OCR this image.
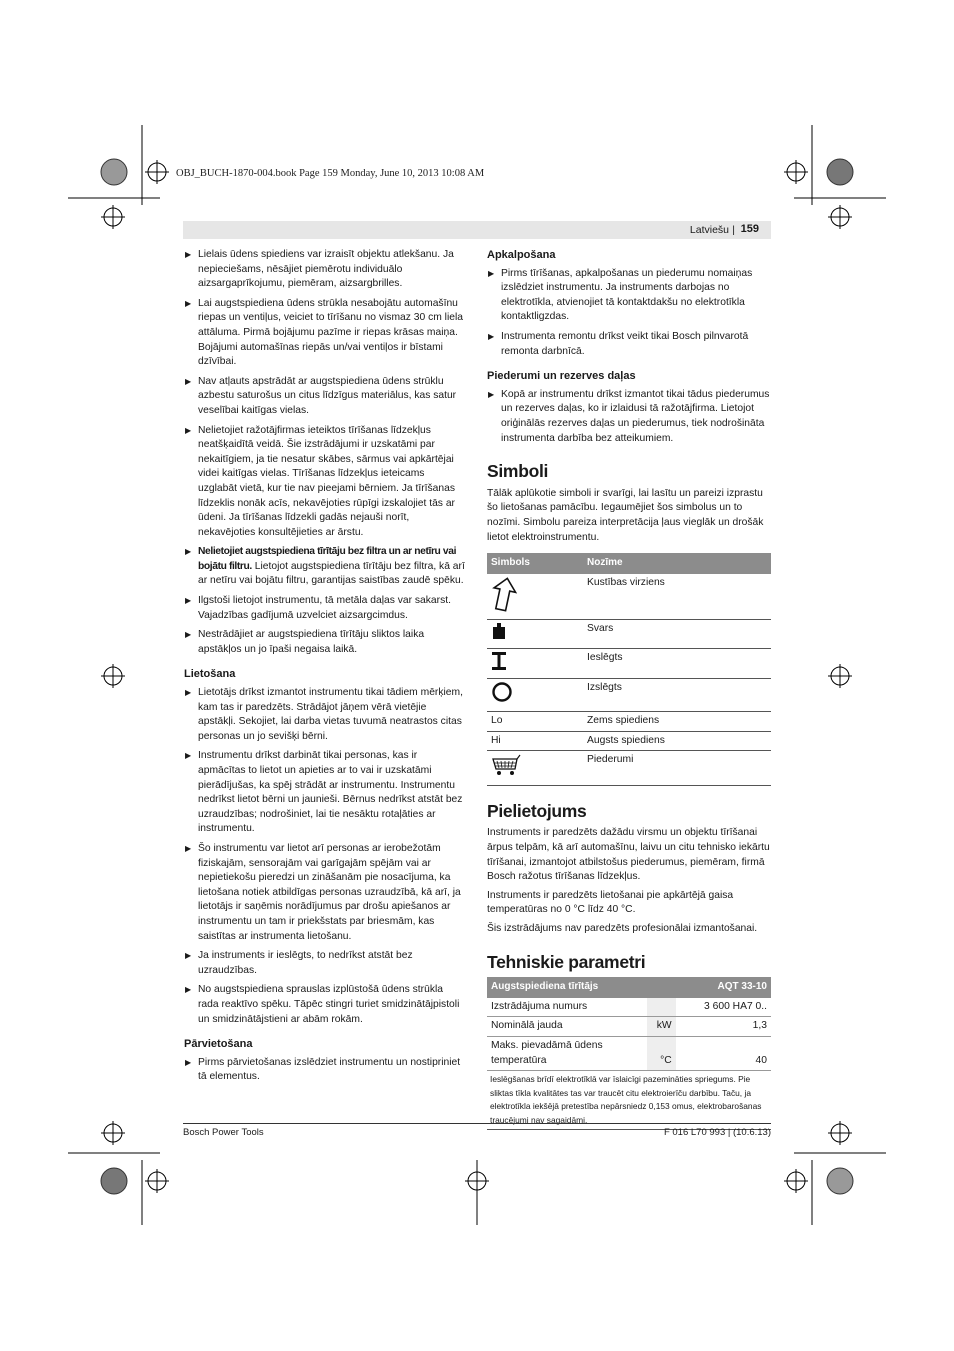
OBJ_BUCH-1870-004.book Page 159 Monday, June 10, 2013 10:08 AM
Latviešu | 159
▶ Lielais ūdens spiediens var izraisīt objektu atlekšanu. Ja nepieciešams, nēsājiet piemērotu individuālo aizsargaprīkojumu, piemēram, aizsargbrilles.
▶ Lai augstspiediena ūdens strūkla nesabojātu automašīnu riepas un ventiļus, veiciet to tīrīšanu no vismaz 30 cm liela attāluma. Pirmā bojājumu pazīme ir riepas krāsas maiņa. Bojājumi automašīnas riepās un/vai ventiļos ir bīstami dzīvībai.
▶ Nav atļauts apstrādāt ar augstspiediena ūdens strūklu azbestu saturošus un citus līdzīgus materiālus, kas satur veselībai kaitīgas vielas.
▶ Nelietojiet ražotājfirmas ieteiktos tīrīšanas līdzekļus neatšķaidītā veidā. Šie izstrādājumi ir uzskatāmi par nekaitīgiem, ja tie nesatur skābes, sārmus vai apkārtējai videi kaitīgas vielas. Tīrīšanas līdzekļus ieteicams uzglabāt vietā, kur tie nav pieejami bērniem. Ja tīrīšanas līdzeklis nonāk acīs, nekavējoties rūpīgi izskalojiet tās ar ūdeni. Ja tīrīšanas līdzekli gadās nejauši norīt, nekavējoties konsultējieties ar ārstu.
▶ Nelietojiet augstspiediena tīrītāju bez filtra un ar netīru vai bojātu filtru. Lietojot augstspiediena tīrītāju bez filtra, kā arī ar netīru vai bojātu filtru, garantijas saistības zaudē spēku.
▶ Ilgstoši lietojot instrumentu, tā metāla daļas var sakarst. Vajadzības gadījumā uzvelciet aizsargcimdus.
▶ Nestrādājiet ar augstspiediena tīrītāju sliktos laika apstākļos un jo īpaši negaisa laikā.
Lietošana
▶ Lietotājs drīkst izmantot instrumentu tikai tādiem mērķiem, kam tas ir paredzēts. Strādājot jāņem vērā vietējie apstākļi. Sekojiet, lai darba vietas tuvumā neatrastos citas personas un jo sevišķi bērni.
▶ Instrumentu drīkst darbināt tikai personas, kas ir apmācītas to lietot un apieties ar to vai ir uzskatāmi pierādījušas, ka spēj strādāt ar instrumentu. Instrumentu nedrīkst lietot bērni un jaunieši. Bērnus nedrīkst atstāt bez uzraudzības; nodrošiniet, lai tie nesāktu rotaļāties ar instrumentu.
▶ Šo instrumentu var lietot arī personas ar ierobežotām fiziskajām, sensorajām vai garīgajām spējām vai ar nepietiekošu pieredzi un zināšanām pie nosacījuma, ka lietošana notiek atbildīgas personas uzraudzībā, kā arī, ja lietotājs ir saņēmis norādījumus par drošu apiešanos ar instrumentu un tam ir priekšstats par briesmām, kas saistītas ar instrumenta lietošanu.
▶ Ja instruments ir ieslēgts, to nedrīkst atstāt bez uzraudzības.
▶ No augstspiediena sprauslas izplūstošā ūdens strūkla rada reaktīvo spēku. Tāpēc stingri turiet smidzinātājpistoli un smidzinātājstieni ar abām rokām.
Pārvietošana
▶ Pirms pārvietošanas izslēdziet instrumentu un nostipriniet tā elementus.
Apkalpošana
▶ Pirms tīrīšanas, apkalpošanas un piederumu nomaiņas izslēdziet instrumentu. Ja instruments darbojas no elektrotīkla, atvienojiet tā kontaktdakšu no elektrotīkla kontaktligzdas.
▶ Instrumenta remontu drīkst veikt tikai Bosch pilnvarotā remonta darbnīcā.
Piederumi un rezerves daļas
▶ Kopā ar instrumentu drīkst izmantot tikai tādus piederumus un rezerves daļas, ko ir izlaidusi tā ražotājfirma. Lietojot oriģinālās rezerves daļas un piederumus, tiek nodrošināta instrumenta darbība bez atteikumiem.
Simboli

Tālāk aplūkotie simboli ir svarīgi, lai lasītu un pareizi izprastu šo lietošanas pamācību. Iegaumējiet šos simbolus un to nozīmi. Simbolu pareiza interpretācija ļaus vieglāk un drošāk lietot elektroinstrumentu.

Simbols	Nozīme
	Kustības virziens
	Svars
	Ieslēgts
	Izslēgts
Lo	Zems spiediens
Hi	Augsts spiediens
	Piederumi
Pielietojums

Instruments ir paredzēts dažādu virsmu un objektu tīrīšanai ārpus telpām, kā arī automašīnu, laivu un citu tehnisko iekārtu tīrīšanai, izmantojot atbilstošus piederumus, piemēram, firmā Bosch ražotus tīrīšanas līdzekļus.

Instruments ir paredzēts lietošanai pie apkārtējā gaisa temperatūras no 0 °C līdz 40 °C.

Šis izstrādājums nav paredzēts profesionālai izmantošanai.

Tehniskie parametri
Augstspiediena tīrītājs		AQT 33-10
Izstrādājuma numurs		3 600 HA7 0..
Nominālā jauda	kW	1,3
Maks. pievadāmā ūdens temperatūra	°C	40
Ieslēgšanas brīdī elektrotīklā var īslaicīgi pazemināties spriegums. Pie sliktas tīkla kvalitātes tas var traucēt citu elektroierīču darbību. Taču, ja elektrotīkla iekšējā pretestība nepārsniedz 0,153 omus, elektrobarošanas traucējumi nav sagaidāmi.		
Bosch Power Tools	F 016 L70 993 | (10.6.13)
